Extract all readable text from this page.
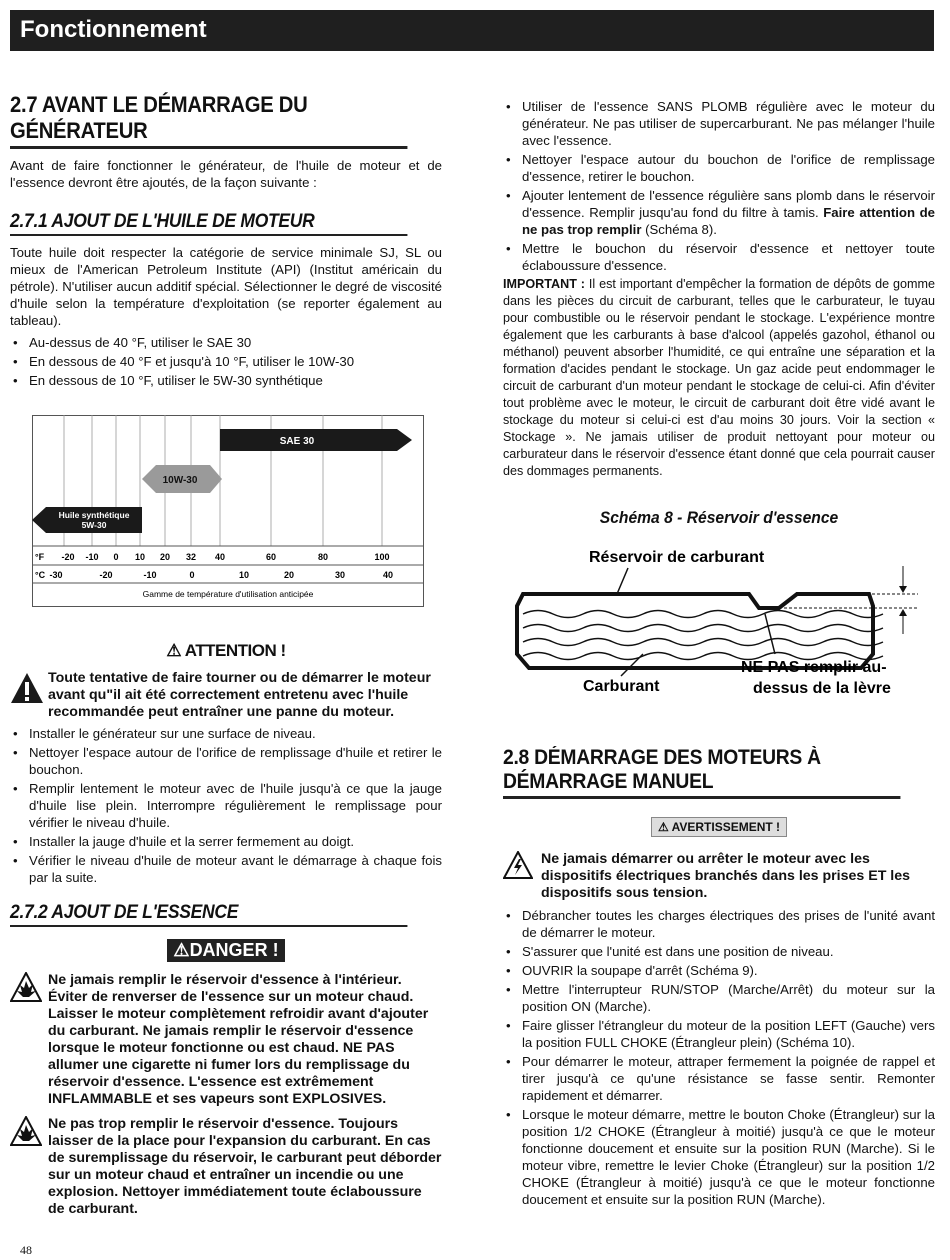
Fonctionnement
2.7 AVANT LE DÉMARRAGE DU GÉNÉRATEUR

Avant de faire fonctionner le générateur, de l'huile de moteur et de l'essence devront être ajoutés, de la façon suivante :

2.7.1 AJOUT DE L'HUILE DE MOTEUR

Toute huile doit respecter la catégorie de service minimale SJ, SL ou mieux de l'American Petroleum Institute (API) (Institut américain du pétrole). N'utiliser aucun additif spécial. Sélectionner le degré de viscosité d'huile selon la température d'exploitation (se reporter également au tableau).

• Au-dessus de 40 °F, utiliser le SAE 30
• En dessous de 40 °F et jusqu'à 10 °F, utiliser le 10W-30
• En dessous de 10 °F, utiliser le 5W-30 synthétique
SAE 30
10W-30
Huile synthétique
5W-30
°F -20 -10 0 10 20 32 40	60	80	100
°C -30	-20	-10	0	10	20	30	40
Gamme de température d'utilisation anticipée
⚠︎ ATTENTION !
Toute tentative de faire tourner ou de démarrer le moteur avant qu"il ait été correctement entretenu avec l'huile recommandée peut entraîner une panne du moteur.
• Installer le générateur sur une surface de niveau.
• Nettoyer l'espace autour de l'orifice de remplissage d'huile et retirer le bouchon.
• Remplir lentement le moteur avec de l'huile jusqu'à ce que la jauge d'huile lise plein. Interrompre régulièrement le remplissage pour vérifier le niveau d'huile.
• Installer la jauge d'huile et la serrer fermement au doigt.
• Vérifier le niveau d'huile de moteur avant le démarrage à chaque fois par la suite.
2.7.2 AJOUT DE L'ESSENCE
⚠︎DANGER !
Ne jamais remplir le réservoir d'essence à l'intérieur. Éviter de renverser de l'essence sur un moteur chaud. Laisser le moteur complètement refroidir avant d'ajouter du carburant. Ne jamais remplir le réservoir d'essence lorsque le moteur fonctionne ou est chaud. NE PAS allumer une cigarette ni fumer lors du remplissage du réservoir d'essence. L'essence est extrêmement INFLAMMABLE et ses vapeurs sont EXPLOSIVES.
Ne pas trop remplir le réservoir d'essence. Toujours laisser de la place pour l'expansion du carburant. En cas de suremplissage du réservoir, le carburant peut déborder sur un moteur chaud et entraîner un incendie ou une explosion. Nettoyer immédiatement toute éclaboussure de carburant.
• Utiliser de l'essence SANS PLOMB régulière avec le moteur du générateur. Ne pas utiliser de supercarburant. Ne pas mélanger l'huile avec l'essence.
• Nettoyer l'espace autour du bouchon de l'orifice de remplissage d'essence, retirer le bouchon.
• Ajouter lentement de l'essence régulière sans plomb dans le réservoir d'essence. Remplir jusqu'au fond du filtre à tamis. Faire attention de ne pas trop remplir (Schéma 8).
• Mettre le bouchon du réservoir d'essence et nettoyer toute éclaboussure d'essence.

IMPORTANT : Il est important d'empêcher la formation de dépôts de gomme dans les pièces du circuit de carburant, telles que le carburateur, le tuyau pour combustible ou le réservoir pendant le stockage. L'expérience montre également que les carburants à base d'alcool (appelés gazohol, éthanol ou méthanol) peuvent absorber l'humidité, ce qui entraîne une séparation et la formation d'acides pendant le stockage. Un gaz acide peut endommager le circuit de carburant d'un moteur pendant le stockage de celui-ci. Afin d'éviter tout problème avec le moteur, le circuit de carburant doit être vidé avant le stockage du moteur si celui-ci est d'au moins 30 jours. Voir la section « Stockage ». Ne jamais utiliser de produit nettoyant pour moteur ou carburateur dans le réservoir d'essence étant donné que cela pourrait causer des dommages permanents.

Schéma 8 - Réservoir d'essence
Réservoir de carburant
Carburant
NE PAS remplir au-
dessus de la lèvre
2.8 DÉMARRAGE DES MOTEURS À DÉMARRAGE MANUEL
⚠︎ AVERTISSEMENT !
Ne jamais démarrer ou arrêter le moteur avec les dispositifs électriques branchés dans les prises ET les dispositifs sous tension.
• Débrancher toutes les charges électriques des prises de l'unité avant de démarrer le moteur.
• S'assurer que l'unité est dans une position de niveau.
• OUVRIR la soupape d'arrêt (Schéma 9).
• Mettre l'interrupteur RUN/STOP (Marche/Arrêt) du moteur sur la position ON (Marche).
• Faire glisser l'étrangleur du moteur de la position LEFT (Gauche) vers la position FULL CHOKE (Étrangleur plein) (Schéma 10).
• Pour démarrer le moteur, attraper fermement la poignée de rappel et tirer jusqu'à ce qu'une résistance se fasse sentir. Remonter rapidement et démarrer.
• Lorsque le moteur démarre, mettre le bouton Choke (Étrangleur) sur la position 1/2 CHOKE (Étrangleur à moitié) jusqu'à ce que le moteur fonctionne doucement et ensuite sur la position RUN (Marche). Si le moteur vibre, remettre le levier Choke (Étrangleur) sur la position 1/2 CHOKE (Étrangleur à moitié) jusqu'à ce que le moteur fonctionne doucement et ensuite sur la position RUN (Marche).
48
